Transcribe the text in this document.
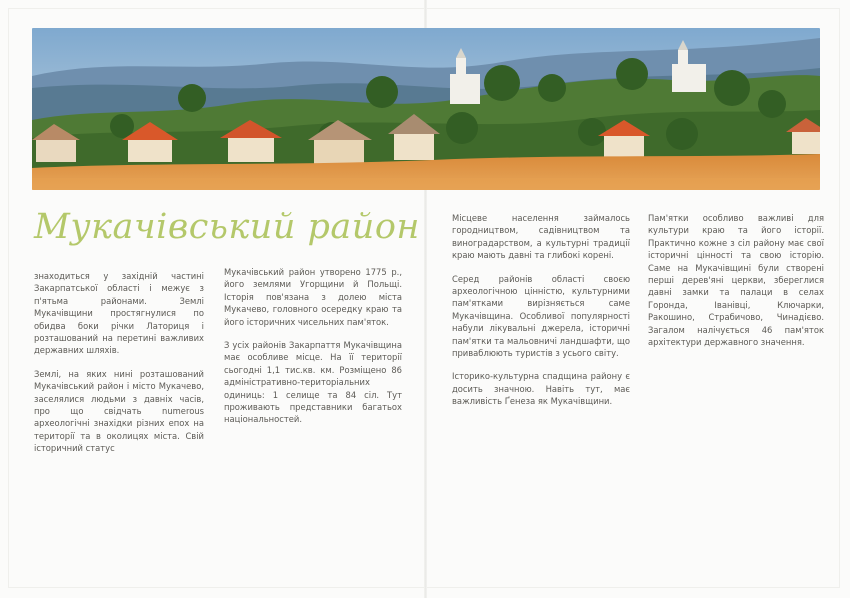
Мукачівський район

знаходиться у західній частині Закарпатської області і межує з п'ятьма районами. Землі Мукачівщини простягнулися по обидва боки річки Латориця і розташований на перетині важливих державних шляхів.

Землі, на яких нині розташований Мукачівський район і місто Мукачево, заселялися людьми з давніх часів, про що свідчать numerous археологічні знахідки різних епох на території та в околицях міста. Свій історичний статус

Мукачівський район утворено 1775 р., його землями Угорщини й Польщі. Історія пов'язана з долею міста Мукачево, головного осередку краю та його історичних чисельних пам'яток.

З усіх районів Закарпаття Мукачівщина має особливе місце. На її території сьогодні 1,1 тис.кв. км. Розміщено 86 адміністративно-територіальних одиниць: 1 селище та 84 сіл. Тут проживають представники багатьох національностей.

Місцеве населення займалось городництвом, садівництвом та виноградарством, а культурні традиції краю мають давні та глибокі корені.

Серед районів області своєю археологічною цінністю, культурними пам'ятками вирізняється саме Мукачівщина. Особливої популярності набули лікувальні джерела, історичні пам'ятки та мальовничі ландшафти, що приваблюють туристів з усього світу.

Історико-культурна спадщина району є досить значною. Навіть тут, має важливість Ґенеза як Мукачівщини.

Пам'ятки особливо важливі для культури краю та його історії. Практично кожне з сіл району має свої історичні цінності та свою історію. Саме на Мукачівщині були створені перші дерев'яні церкви, збереглися давні замки та палаци в селах Горонда, Іванівці, Ключарки, Ракошино, Страбичово, Чинадієво. Загалом налічується 46 пам'яток архітектури державного значення.
